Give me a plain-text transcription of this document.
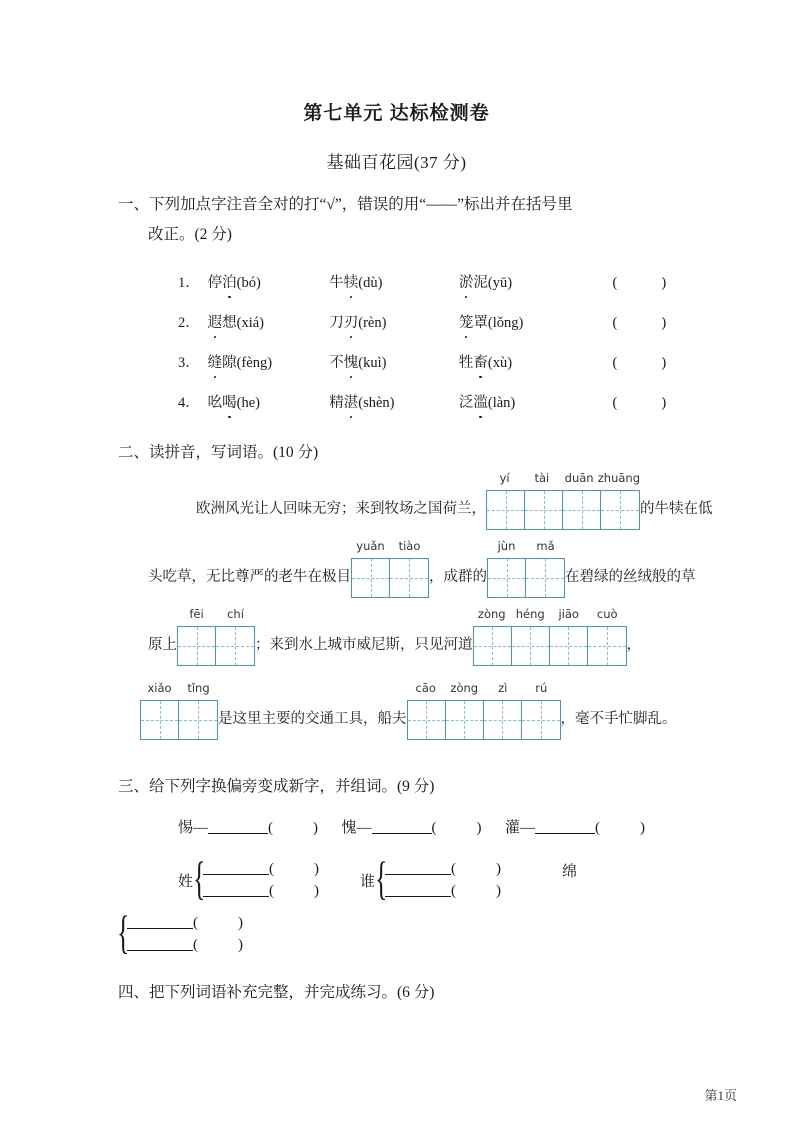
第七单元 达标检测卷
基础百花园(37 分)
一、下列加点字注音全对的打“√”，错误的用“——”标出并在括号里
改正。(2 分)
1． 停泊(bó)	牛犊(dù)	淤泥(yū)	(	)
2． 遐想(xiá)	刀刃(rèn)	笼罩(lǒng)	(	)
3． 缝隙(fèng)	不愧(kuì)	牲畜(xù)	(	)
4． 吆喝(he)	精湛(shèn)	泛滥(làn)	(	)
二、读拼音，写词语。(10 分)
欧洲风光让人回味无穷；来到牧场之国荷兰，
yí	tài	duān zhuāng
的牛犊在低
头吃草，无比尊严的老牛在极目
yuǎn	tiào
，成群的
jùn	mǎ
在碧绿的丝绒般的草
原上
fēi	chí
；来到水上城市威尼斯，只见河道
zòng héng	jiāo	cuò
，
xiǎo	tǐng
是这里主要的交通工具，船夫
cāo	zòng	zì	rú
，毫不手忙脚乱。
三、给下列字换偏旁变成新字，并组词。(9 分)
惕—	(	) 愧—	(	) 灌—	(	)
姓{
(	)
(	)
谁{
(	)
(	)
绵
{
(	)
(	)
四、把下列词语补充完整，并完成练习。(6 分)
第1页
